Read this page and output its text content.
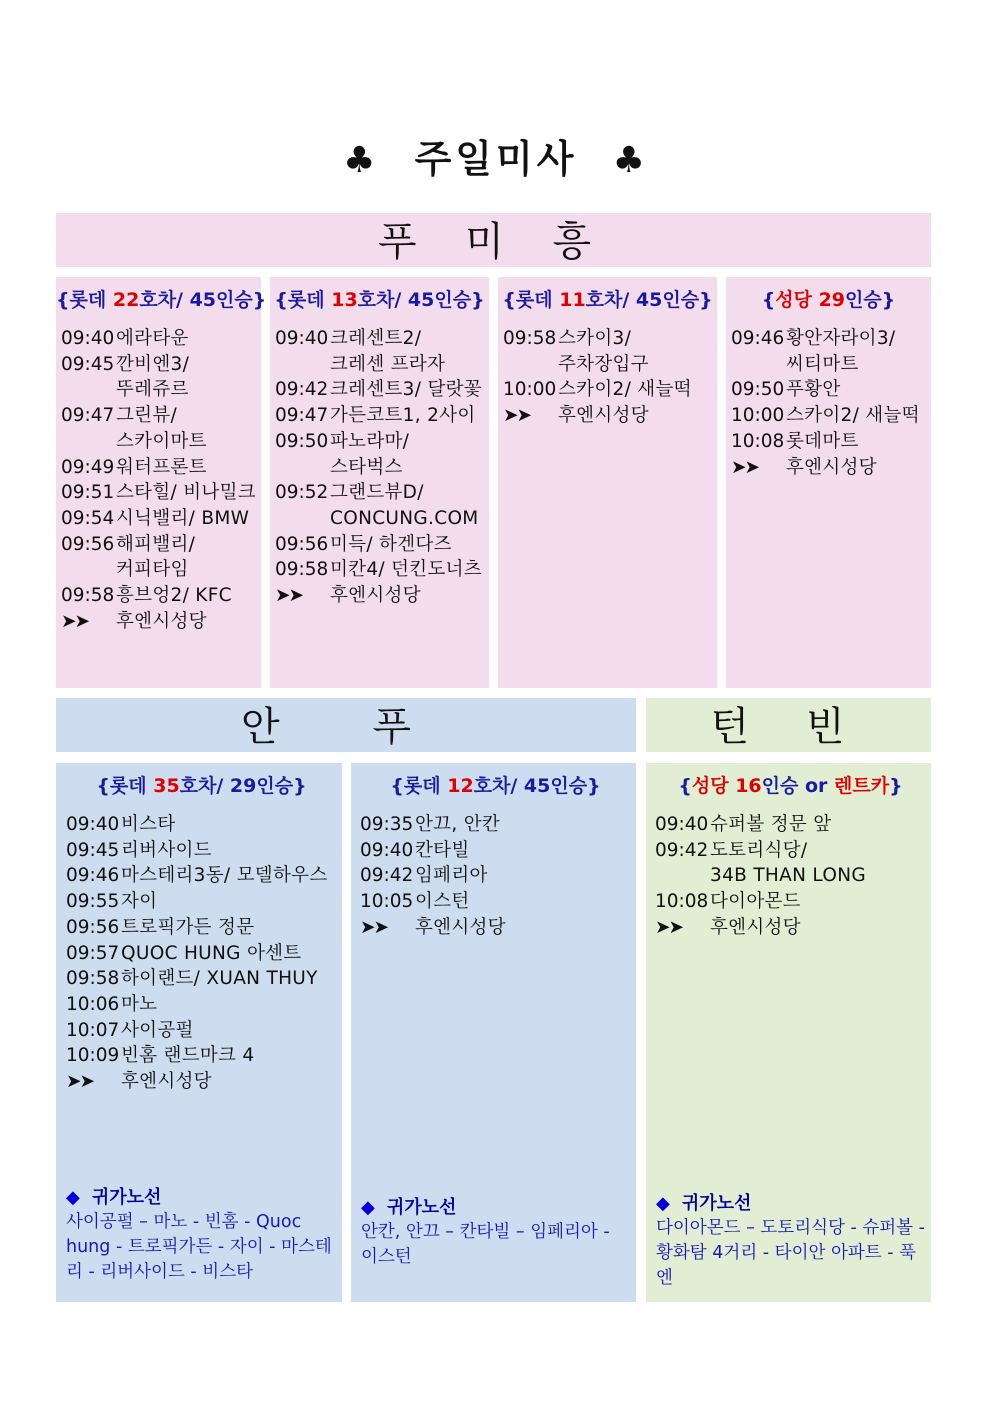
♣ 주일미사 ♣
푸 미 흥
안 푸	턴 빈
{롯데 22호차/ 45인승}
09:40 에라타운
09:45 깐비엔3/
뚜레쥬르
09:47 그린뷰/
스카이마트
09:49 워터프론트
09:51 스타힐/ 비나밀크
09:54 시닉밸리/ BMW
09:56 해피밸리/
커피타임
09:58 흥브엉2/ KFC
➤➤	후엔시성당
{롯데 13호차/ 45인승}
09:40 크레센트2/
크레센 프라자
09:42 크레센트3/ 달랏꽃
09:47 가든코트1, 2사이
09:50 파노라마/
스타벅스
09:52 그랜드뷰D/
CONCUNG.COM
09:56 미득/ 하겐다즈
09:58 미칸4/ 던킨도너츠
➤➤	후엔시성당
{롯데 11호차/ 45인승}
09:58 스카이3/
주차장입구
10:00 스카이2/ 새늘떡
➤➤	후엔시성당
{성당 29인승}
09:46 황안자라이3/
씨티마트
09:50 푸황안
10:00 스카이2/ 새늘떡
10:08 롯데마트
➤➤	후엔시성당
{롯데 35호차/ 29인승}
09:40 비스타
09:45 리버사이드
09:46 마스테리3동/ 모델하우스
09:55 자이
09:56 트로픽가든 정문
09:57 QUOC HUNG 아센트
09:58 하이랜드/ XUAN THUY
10:06 마노
10:07 사이공펄
10:09 빈홈 랜드마크 4
➤➤	후엔시성당
◆ 귀가노선
사이공펄 – 마노 - 빈홈 - Quoc hung - 트로픽가든 - 자이 - 마스테리 - 리버사이드 - 비스타
{롯데 12호차/ 45인승}
09:35 안끄, 안칸
09:40 칸타빌
09:42 임페리아
10:05 이스턴
➤➤	후엔시성당
◆ 귀가노선
안칸, 안끄 – 칸타빌 – 임페리아 - 이스턴
{성당 16인승 or 렌트카}
09:40 슈퍼볼 정문 앞
09:42 도토리식당/
34B THAN LONG
10:08 다이아몬드
➤➤	후엔시성당
◆ 귀가노선
다이아몬드 – 도토리식당 - 슈퍼볼 - 황화탐 4거리 - 타이안 아파트 - 푹엔
